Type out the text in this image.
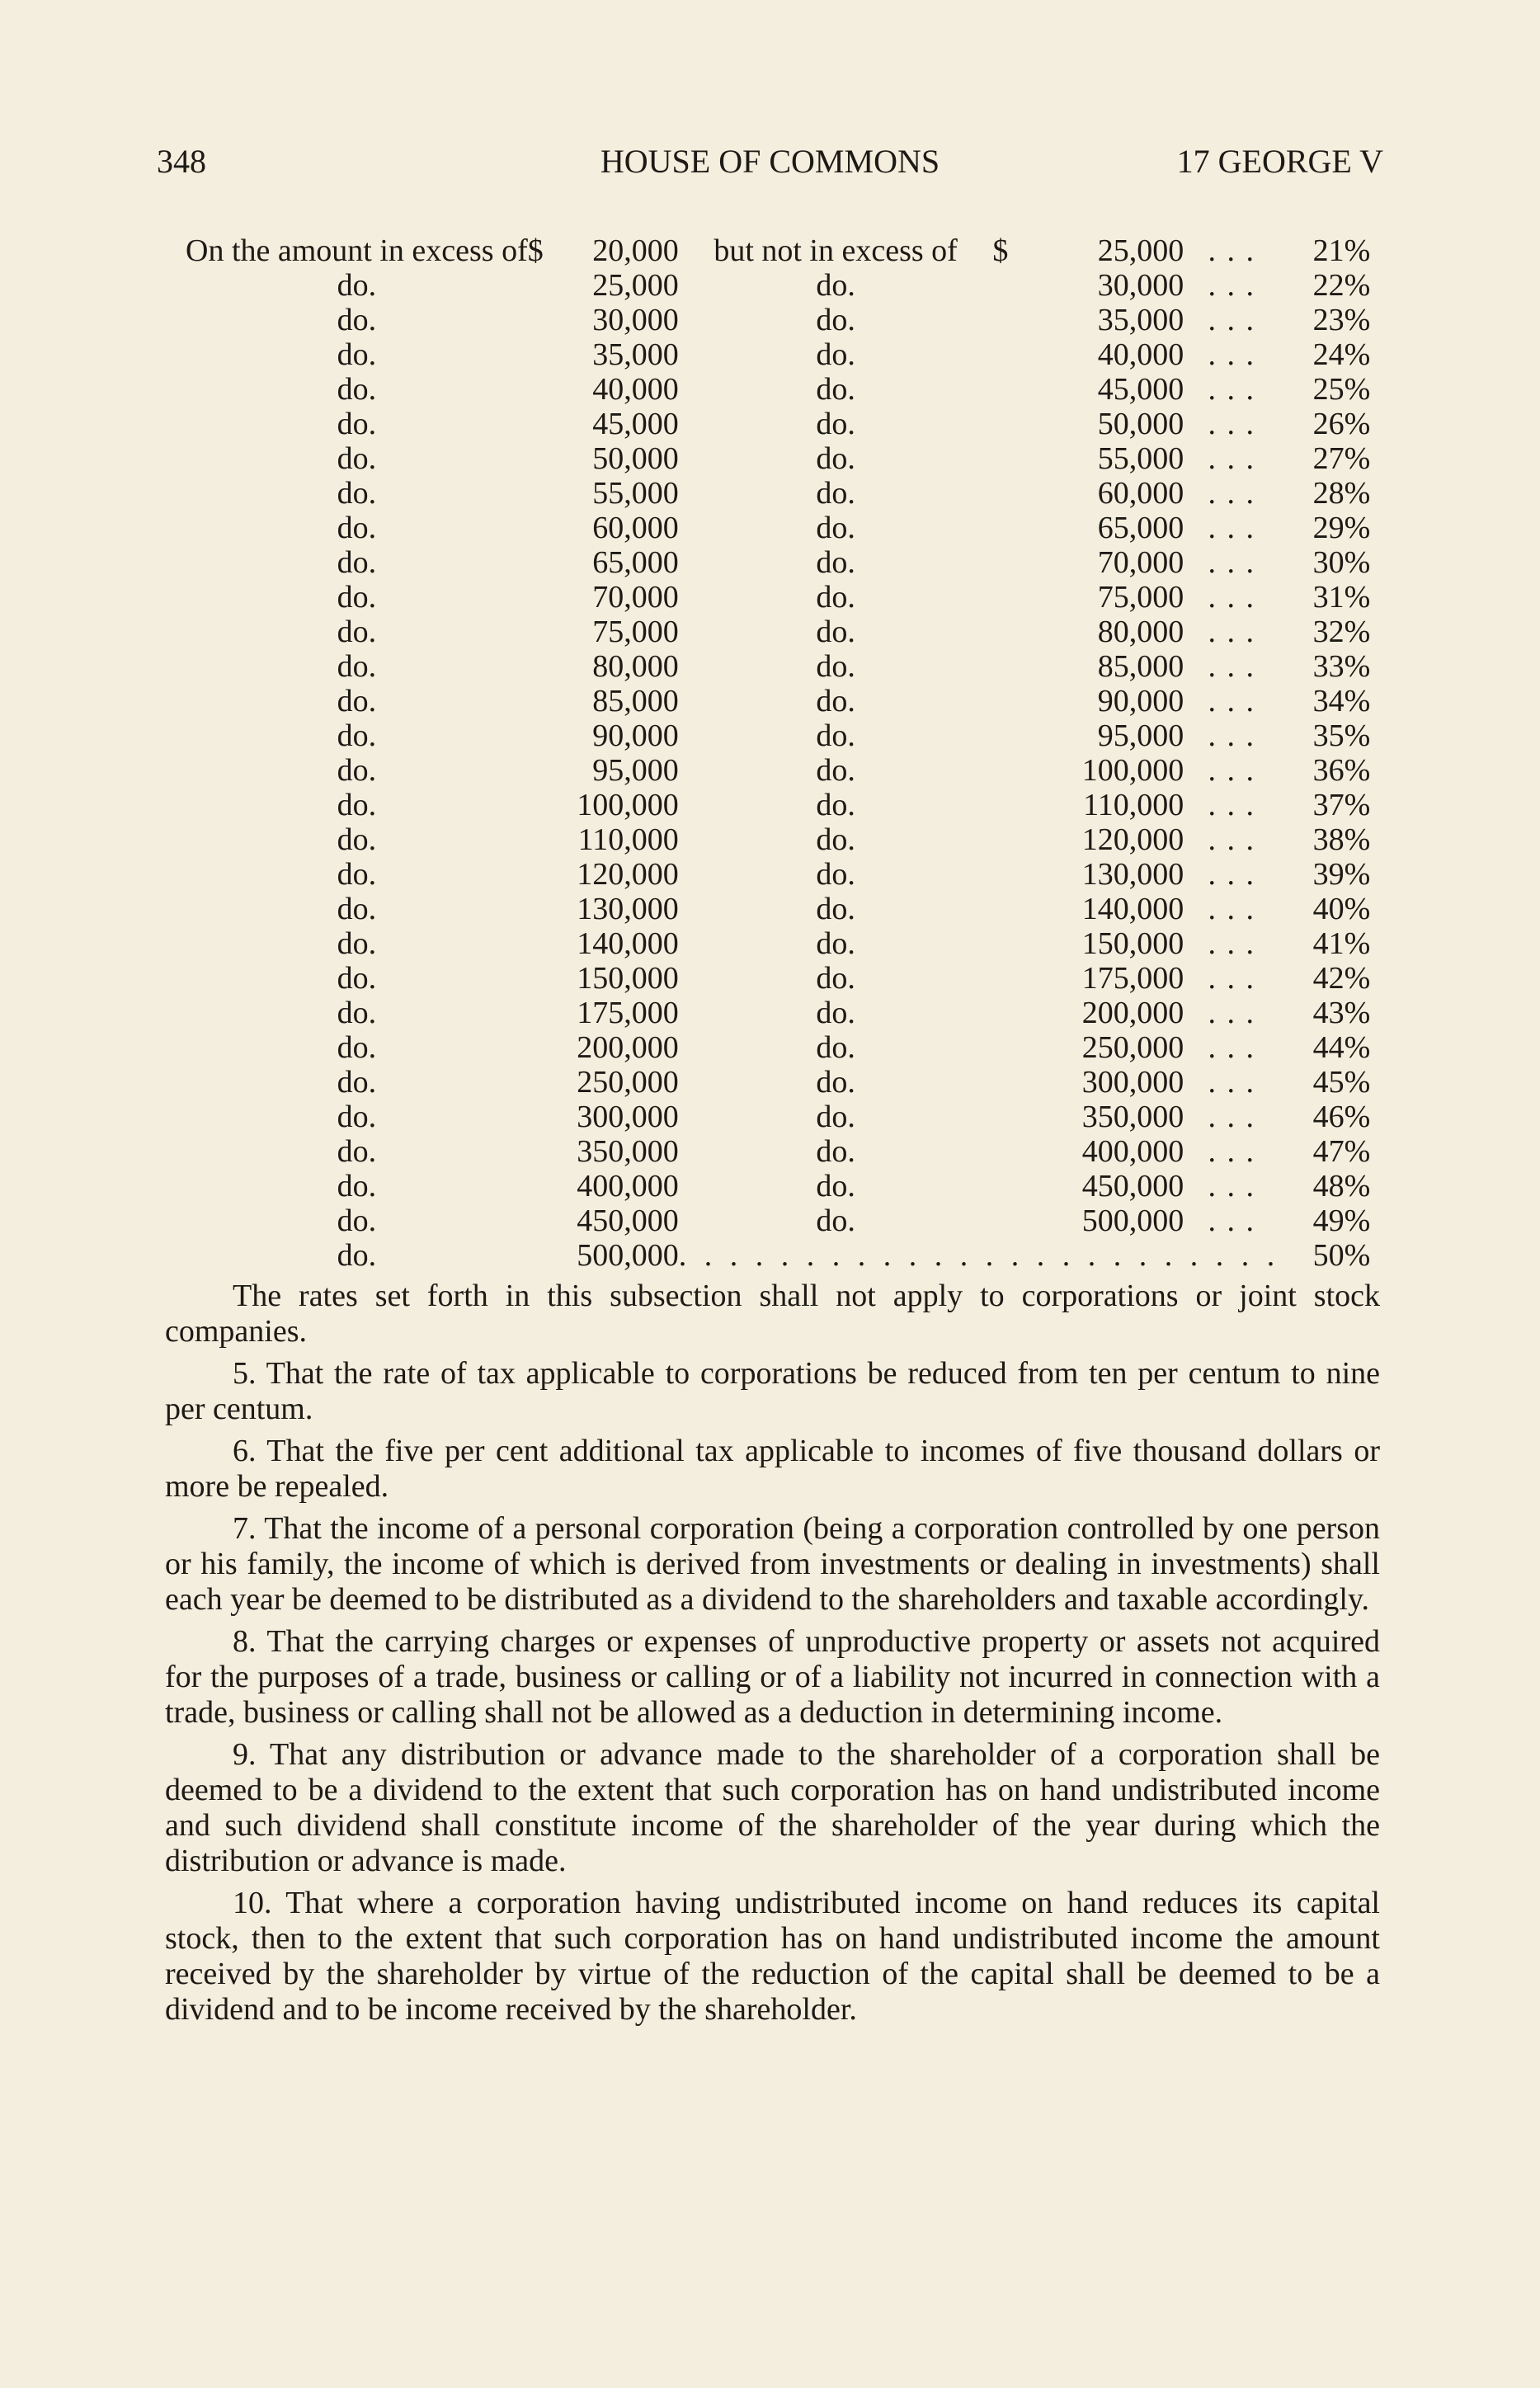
348	HOUSE OF COMMONS	17 GEORGE V
On the amount in excess of	$	20,000	but not in excess of	$	25,000	. . .	21%
do.		25,000	do.		30,000	. . .	22%
do.		30,000	do.		35,000	. . .	23%
do.		35,000	do.		40,000	. . .	24%
do.		40,000	do.		45,000	. . .	25%
do.		45,000	do.		50,000	. . .	26%
do.		50,000	do.		55,000	. . .	27%
do.		55,000	do.		60,000	. . .	28%
do.		60,000	do.		65,000	. . .	29%
do.		65,000	do.		70,000	. . .	30%
do.		70,000	do.		75,000	. . .	31%
do.		75,000	do.		80,000	. . .	32%
do.		80,000	do.		85,000	. . .	33%
do.		85,000	do.		90,000	. . .	34%
do.		90,000	do.		95,000	. . .	35%
do.		95,000	do.		100,000	. . .	36%
do.		100,000	do.		110,000	. . .	37%
do.		110,000	do.		120,000	. . .	38%
do.		120,000	do.		130,000	. . .	39%
do.		130,000	do.		140,000	. . .	40%
do.		140,000	do.		150,000	. . .	41%
do.		150,000	do.		175,000	. . .	42%
do.		175,000	do.		200,000	. . .	43%
do.		200,000	do.		250,000	. . .	44%
do.		250,000	do.		300,000	. . .	45%
do.		300,000	do.		350,000	. . .	46%
do.		350,000	do.		400,000	. . .	47%
do.		400,000	do.		450,000	. . .	48%
do.		450,000	do.		500,000	. . .	49%
do.		500,000	. . . . . . . . . . . . . . . . . . . . . . . .				50%

The rates set forth in this subsection shall not apply to corporations or joint stock companies.

5. That the rate of tax applicable to corporations be reduced from ten per centum to nine per centum.

6. That the five per cent additional tax applicable to incomes of five thousand dollars or more be repealed.

7. That the income of a personal corporation (being a corporation controlled by one person or his family, the income of which is derived from investments or dealing in investments) shall each year be deemed to be distributed as a dividend to the shareholders and taxable accordingly.

8. That the carrying charges or expenses of unproductive property or assets not acquired for the purposes of a trade, business or calling or of a liability not incurred in connection with a trade, business or calling shall not be allowed as a deduction in determining income.

9. That any distribution or advance made to the shareholder of a corporation shall be deemed to be a dividend to the extent that such corporation has on hand undistributed income and such dividend shall constitute income of the shareholder of the year during which the distribution or advance is made.

10. That where a corporation having undistributed income on hand reduces its capital stock, then to the extent that such corporation has on hand undistributed income the amount received by the shareholder by virtue of the reduction of the capital shall be deemed to be a dividend and to be income received by the shareholder.
